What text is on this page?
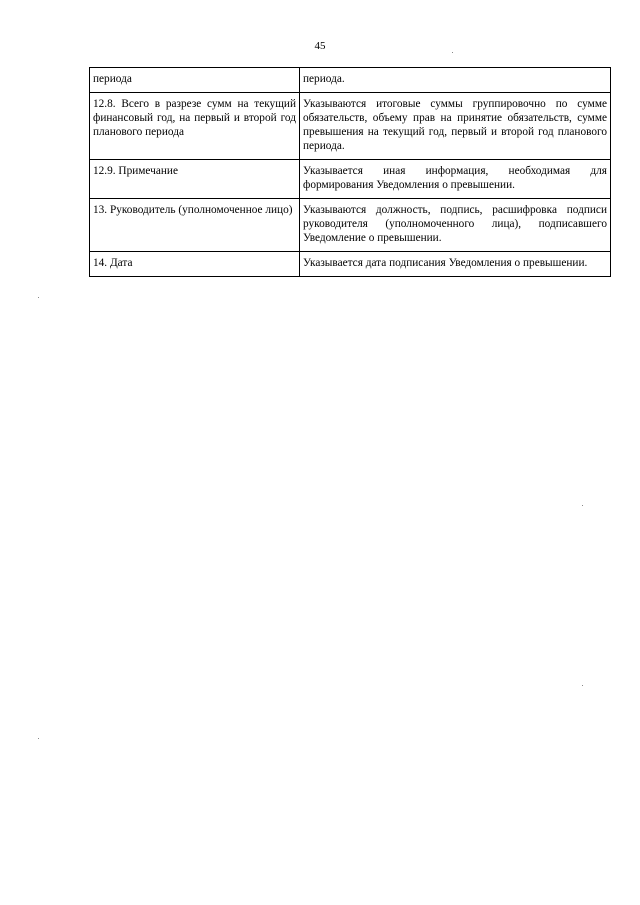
45
периода	периода.
12.8. Всего в разрезе сумм на текущий финансовый год, на первый и второй год планового периода	Указываются итоговые суммы группировочно по сумме обязательств, объему прав на принятие обязательств, сумме превышения на текущий год, первый и второй год планового периода.
12.9. Примечание	Указывается иная информация, необходимая для формирования Уведомления о превышении.
13. Руководитель (уполномоченное лицо)	Указываются должность, подпись, расшифровка подписи руководителя (уполномоченного лица), подписавшего Уведомление о превышении.
14. Дата	Указывается дата подписания Уведомления о превышении.
